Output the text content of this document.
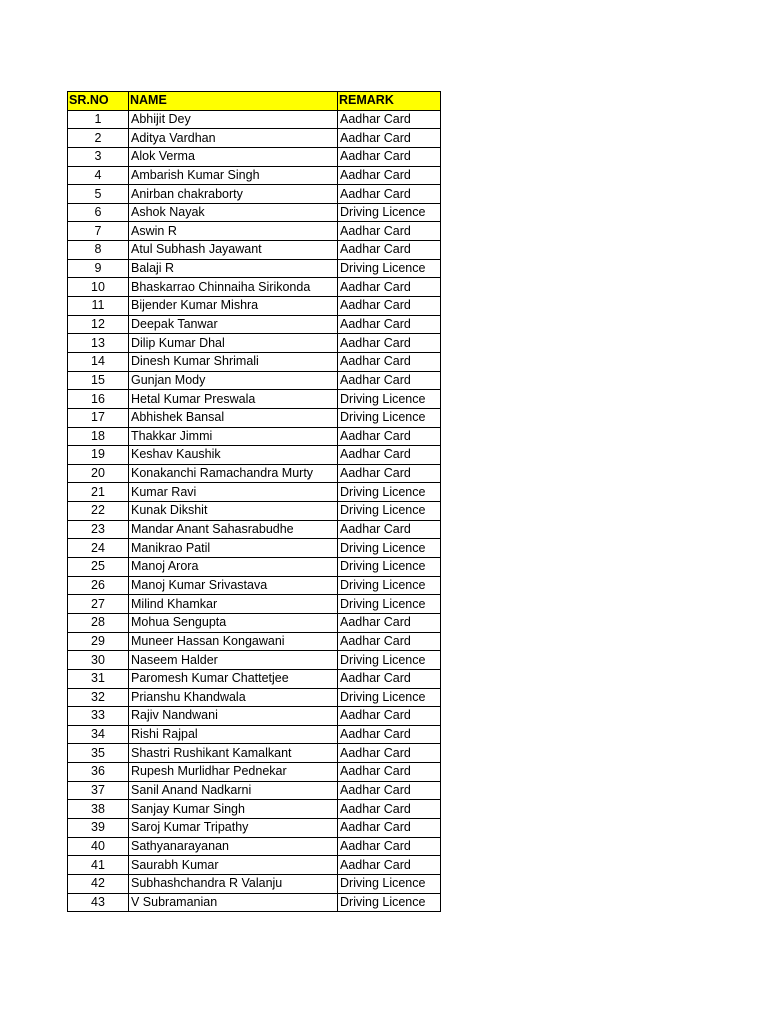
SR.NO	NAME	REMARK
1	Abhijit Dey	Aadhar Card
2	Aditya Vardhan	Aadhar Card
3	Alok Verma	Aadhar Card
4	Ambarish Kumar Singh	Aadhar Card
5	Anirban chakraborty	Aadhar Card
6	Ashok Nayak	Driving Licence
7	Aswin R	Aadhar Card
8	Atul Subhash Jayawant	Aadhar Card
9	Balaji R	Driving Licence
10	Bhaskarrao Chinnaiha Sirikonda	Aadhar Card
11	Bijender Kumar Mishra	Aadhar Card
12	Deepak Tanwar	Aadhar Card
13	Dilip Kumar Dhal	Aadhar Card
14	Dinesh Kumar Shrimali	Aadhar Card
15	Gunjan Mody	Aadhar Card
16	Hetal Kumar Preswala	Driving Licence
17	Abhishek Bansal	Driving Licence
18	Thakkar Jimmi	Aadhar Card
19	Keshav Kaushik	Aadhar Card
20	Konakanchi Ramachandra Murty	Aadhar Card
21	Kumar Ravi	Driving Licence
22	Kunak Dikshit	Driving Licence
23	Mandar Anant Sahasrabudhe	Aadhar Card
24	Manikrao Patil	Driving Licence
25	Manoj Arora	Driving Licence
26	Manoj Kumar Srivastava	Driving Licence
27	Milind Khamkar	Driving Licence
28	Mohua Sengupta	Aadhar Card
29	Muneer Hassan Kongawani	Aadhar Card
30	Naseem Halder	Driving Licence
31	Paromesh Kumar Chattetjee	Aadhar Card
32	Prianshu Khandwala	Driving Licence
33	Rajiv Nandwani	Aadhar Card
34	Rishi Rajpal	Aadhar Card
35	Shastri Rushikant Kamalkant	Aadhar Card
36	Rupesh Murlidhar Pednekar	Aadhar Card
37	Sanil Anand Nadkarni	Aadhar Card
38	Sanjay Kumar Singh	Aadhar Card
39	Saroj Kumar Tripathy	Aadhar Card
40	Sathyanarayanan	Aadhar Card
41	Saurabh Kumar	Aadhar Card
42	Subhashchandra R Valanju	Driving Licence
43	V Subramanian	Driving Licence
